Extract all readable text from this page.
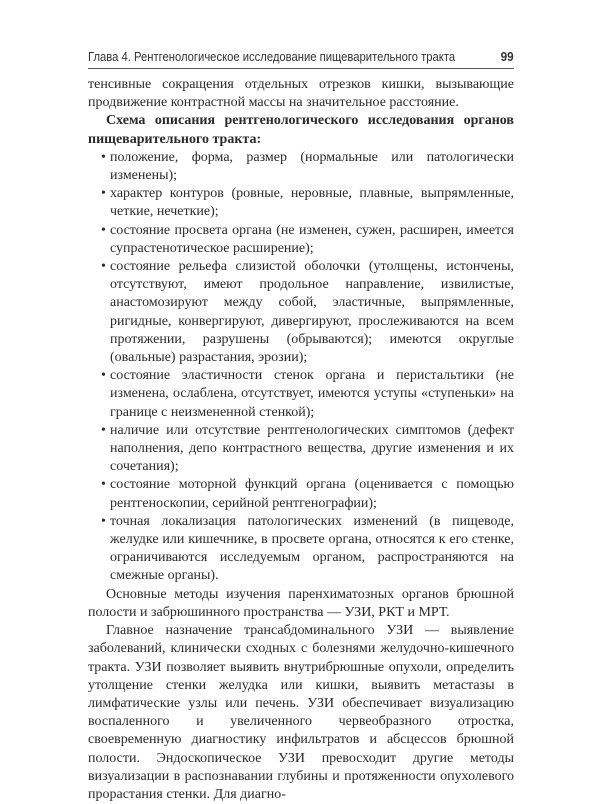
Глава 4. Рентгенологическое исследование пищеварительного тракта	99

тенсивные сокращения отдельных отрезков кишки, вызывающие продвижение контрастной массы на значительное расстояние.

Схема описания рентгенологического исследования органов пищеварительного тракта:

• положение, форма, размер (нормальные или патологически изменены);
• характер контуров (ровные, неровные, плавные, выпрямленные, четкие, нечеткие);
• состояние просвета органа (не изменен, сужен, расширен, имеется супрастенотическое расширение);
• состояние рельефа слизистой оболочки (утолщены, истончены, отсутствуют, имеют продольное направление, извилистые, анастомозируют между собой, эластичные, выпрямленные, ригидные, конвергируют, дивергируют, прослеживаются на всем протяжении, разрушены (обрываются); имеются округлые (овальные) разрастания, эрозии);
• состояние эластичности стенок органа и перистальтики (не изменена, ослаблена, отсутствует, имеются уступы «ступеньки» на границе с неизмененной стенкой);
• наличие или отсутствие рентгенологических симптомов (дефект наполнения, депо контрастного вещества, другие изменения и их сочетания);
• состояние моторной функций органа (оценивается с помощью рентгеноскопии, серийной рентгенографии);
• точная локализация патологических изменений (в пищеводе, желудке или кишечнике, в просвете органа, относятся к его стенке, ограничиваются исследуемым органом, распространяются на смежные органы).

Основные методы изучения паренхиматозных органов брюшной полости и забрюшинного пространства — УЗИ, РКТ и МРТ.

Главное назначение трансабдоминального УЗИ — выявление заболеваний, клинически сходных с болезнями желудочно-кишечного тракта. УЗИ позволяет выявить внутрибрюшные опухоли, определить утолщение стенки желудка или кишки, выявить метастазы в лимфатические узлы или печень. УЗИ обеспечивает визуализацию воспаленного и увеличенного червеобразного отростка, своевременную диагностику инфильтратов и абсцессов брюшной полости. Эндоскопическое УЗИ превосходит другие методы визуализации в распознавании глубины и протяженности опухолевого прорастания стенки. Для диагно-
